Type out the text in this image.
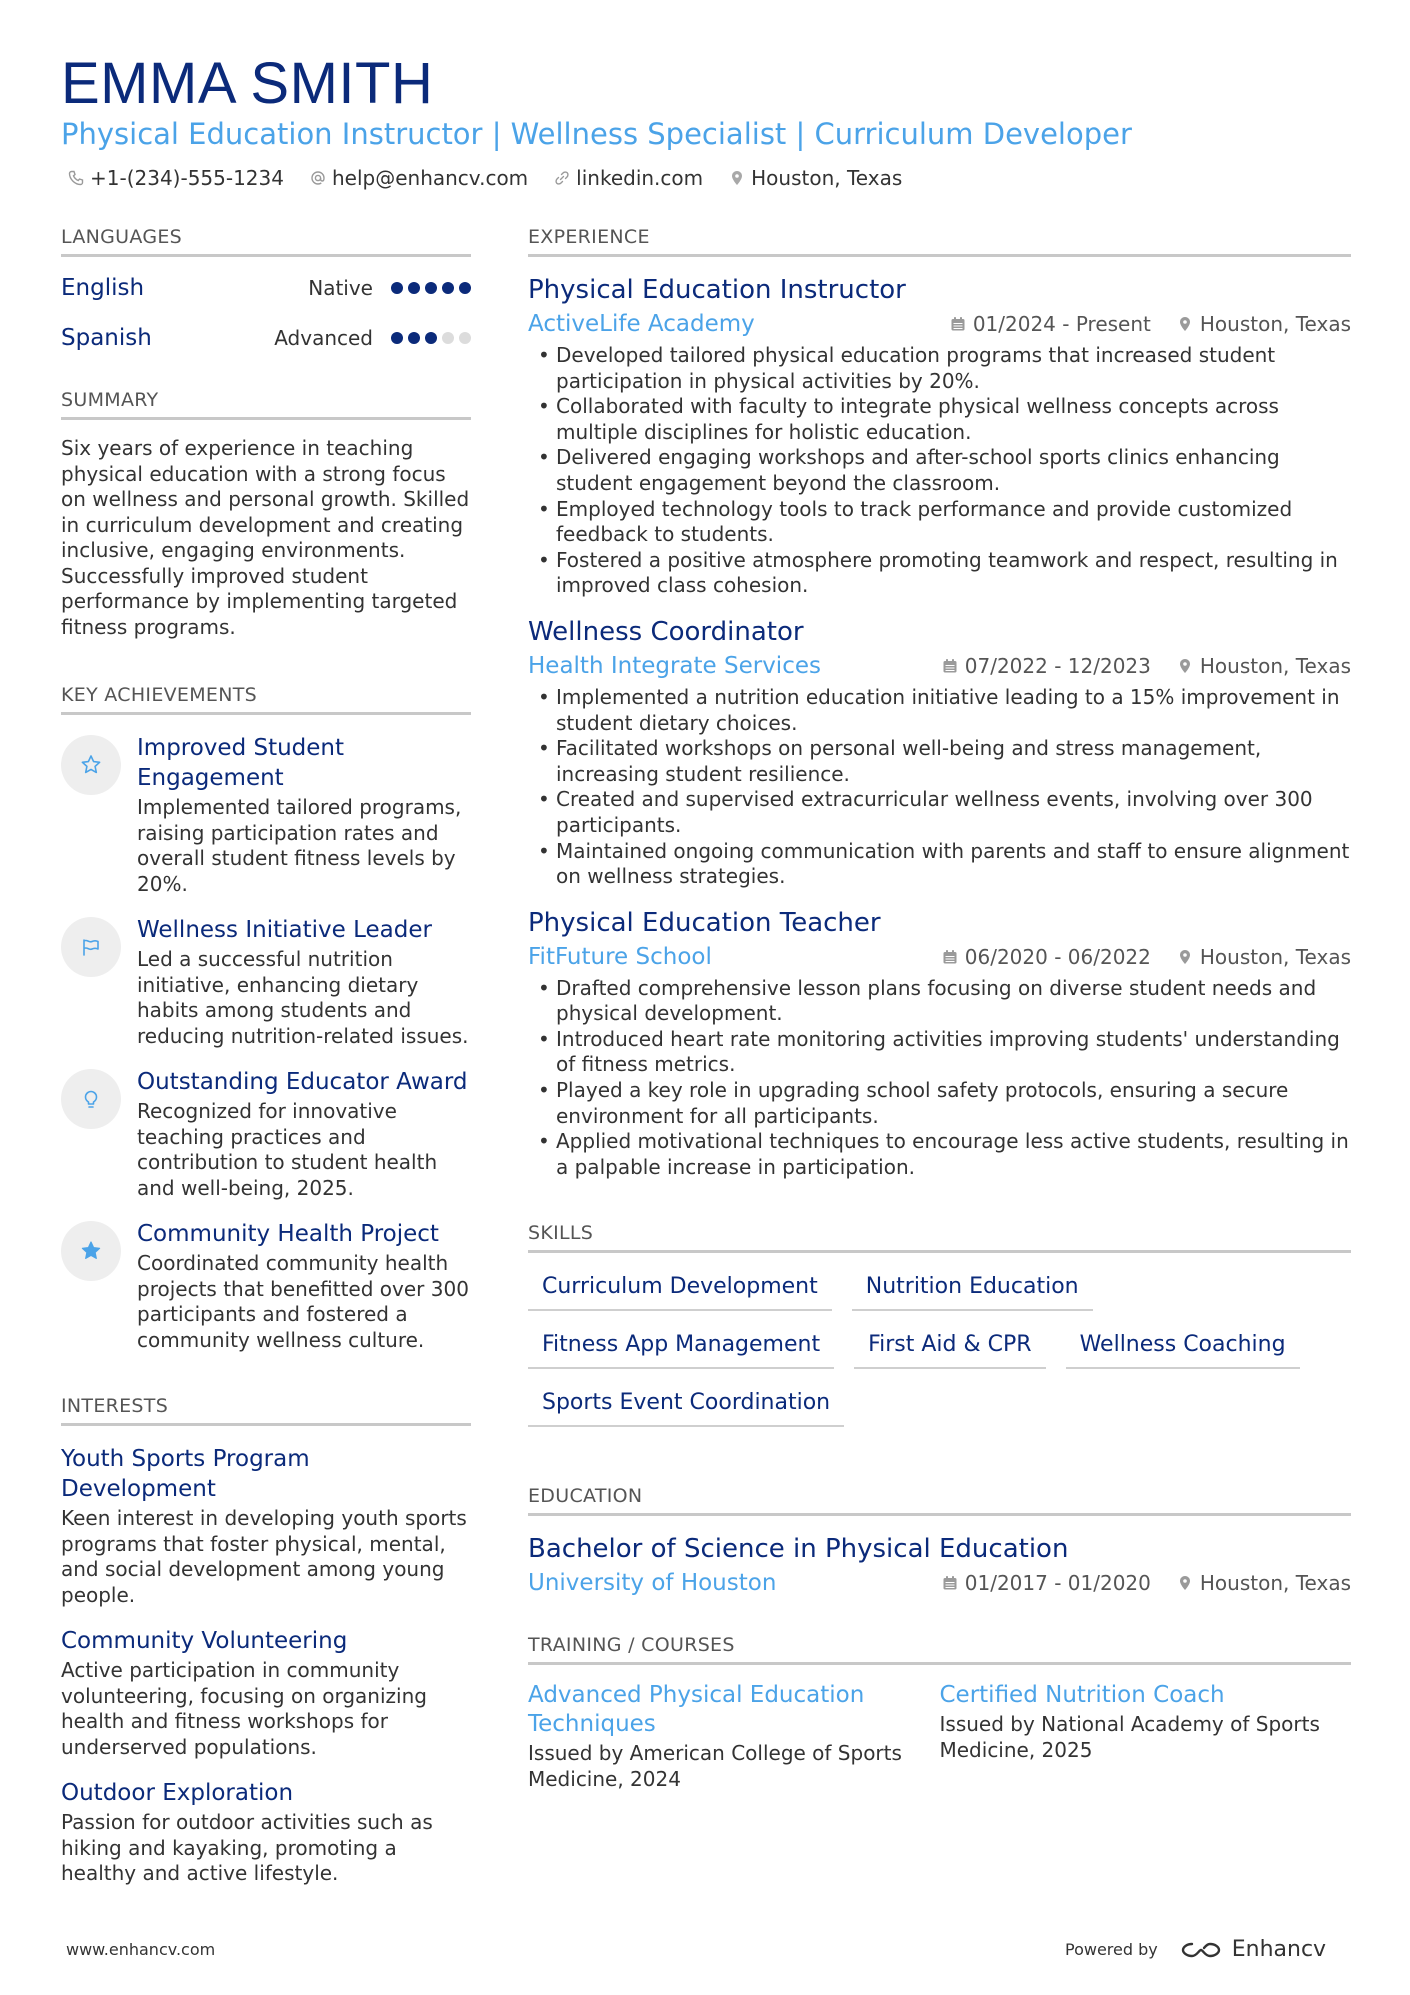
EMMA SMITH
Physical Education Instructor | Wellness Specialist | Curriculum Developer
+1-(234)-555-1234 help@enhancv.com linkedin.com Houston, Texas
LANGUAGES
English	Native
Spanish	Advanced
SUMMARY

Six years of experience in teaching physical education with a strong focus on wellness and personal growth. Skilled in curriculum development and creating inclusive, engaging environments. Successfully improved student performance by implementing targeted fitness programs.

KEY ACHIEVEMENTS
Improved Student Engagement
Implemented tailored programs, raising participation rates and overall student fitness levels by 20%.
Wellness Initiative Leader
Led a successful nutrition initiative, enhancing dietary habits among students and reducing nutrition-related issues.
Outstanding Educator Award
Recognized for innovative teaching practices and contribution to student health and well-being, 2025.
Community Health Project
Coordinated community health projects that benefitted over 300 participants and fostered a community wellness culture.
INTERESTS
Youth Sports Program Development
Keen interest in developing youth sports programs that foster physical, mental, and social development among young people.
Community Volunteering
Active participation in community volunteering, focusing on organizing health and fitness workshops for underserved populations.
Outdoor Exploration
Passion for outdoor activities such as hiking and kayaking, promoting a healthy and active lifestyle.
EXPERIENCE
Physical Education Instructor
ActiveLife Academy	01/2024 - Present Houston, Texas
• Developed tailored physical education programs that increased student participation in physical activities by 20%.
• Collaborated with faculty to integrate physical wellness concepts across multiple disciplines for holistic education.
• Delivered engaging workshops and after-school sports clinics enhancing student engagement beyond the classroom.
• Employed technology tools to track performance and provide customized feedback to students.
• Fostered a positive atmosphere promoting teamwork and respect, resulting in improved class cohesion.
Wellness Coordinator
Health Integrate Services	07/2022 - 12/2023 Houston, Texas
• Implemented a nutrition education initiative leading to a 15% improvement in student dietary choices.
• Facilitated workshops on personal well-being and stress management, increasing student resilience.
• Created and supervised extracurricular wellness events, involving over 300 participants.
• Maintained ongoing communication with parents and staff to ensure alignment on wellness strategies.
Physical Education Teacher
FitFuture School	06/2020 - 06/2022 Houston, Texas
• Drafted comprehensive lesson plans focusing on diverse student needs and physical development.
• Introduced heart rate monitoring activities improving students' understanding of fitness metrics.
• Played a key role in upgrading school safety protocols, ensuring a secure environment for all participants.
• Applied motivational techniques to encourage less active students, resulting in a palpable increase in participation.
SKILLS
Curriculum Development	Nutrition Education
Fitness App Management	First Aid & CPR	Wellness Coaching
Sports Event Coordination
EDUCATION
Bachelor of Science in Physical Education
University of Houston	01/2017 - 01/2020 Houston, Texas
TRAINING / COURSES
Advanced Physical Education Techniques
Issued by American College of Sports Medicine, 2024
Certified Nutrition Coach
Issued by National Academy of Sports Medicine, 2025
www.enhancv.com	Powered by	Enhancv
